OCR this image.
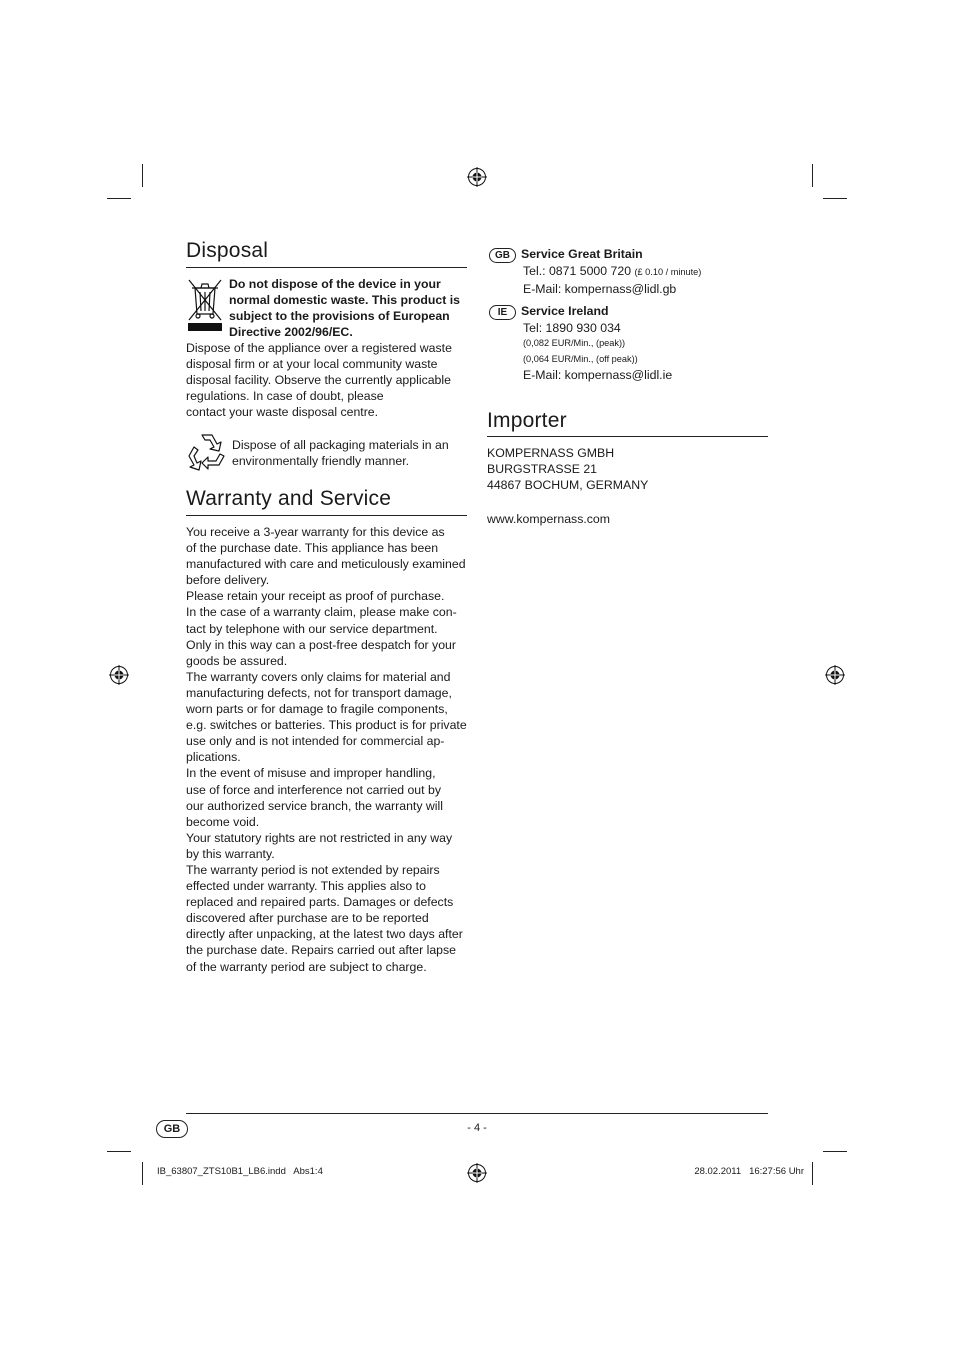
Disposal
Do not dispose of the device in your
normal domestic waste. This product is
subject to the provisions of European
Directive 2002/96/EC.
Dispose of the appliance over a registered waste
disposal firm or at your local community waste
disposal facility. Observe the currently applicable
regulations. In case of doubt, please
contact your waste disposal centre.
Dispose of all packaging materials in an
environmentally friendly manner.
Warranty and Service
You receive a 3-year warranty for this device as
of the purchase date. This appliance has been
manufactured with care and meticulously examined
before delivery.
Please retain your receipt as proof of purchase.
In the case of a warranty claim, please make con-
tact by telephone with our service department.
Only in this way can a post-free despatch for your
goods be assured.
The warranty covers only claims for material and
manufacturing defects, not for transport damage,
worn parts or for damage to fragile components,
e.g. switches or batteries. This product is for private
use only and is not intended for commercial ap-
plications.
In the event of misuse and improper handling,
use of force and interference not carried out by
our authorized service branch, the warranty will
become void.
Your statutory rights are not restricted in any way
by this warranty.
The warranty period is not extended by repairs
effected under warranty. This applies also to
replaced and repaired parts. Damages or defects
discovered after purchase are to be reported
directly after unpacking, at the latest two days after
the purchase date. Repairs carried out after lapse
of the warranty period are subject to charge.
GB Service Great Britain
Tel.: 0871 5000 720 (£ 0.10 / minute)
E-Mail: kompernass@lidl.gb
IE Service Ireland
Tel: 1890 930 034
(0,082 EUR/Min., (peak))
(0,064 EUR/Min., (off peak))
E-Mail: kompernass@lidl.ie
Importer
KOMPERNASS GMBH
BURGSTRASSE 21
44867 BOCHUM, GERMANY
www.kompernass.com
GB	- 4 -
IB_63807_ZTS10B1_LB6.indd   Abs1:4	28.02.2011   16:27:56 Uhr
